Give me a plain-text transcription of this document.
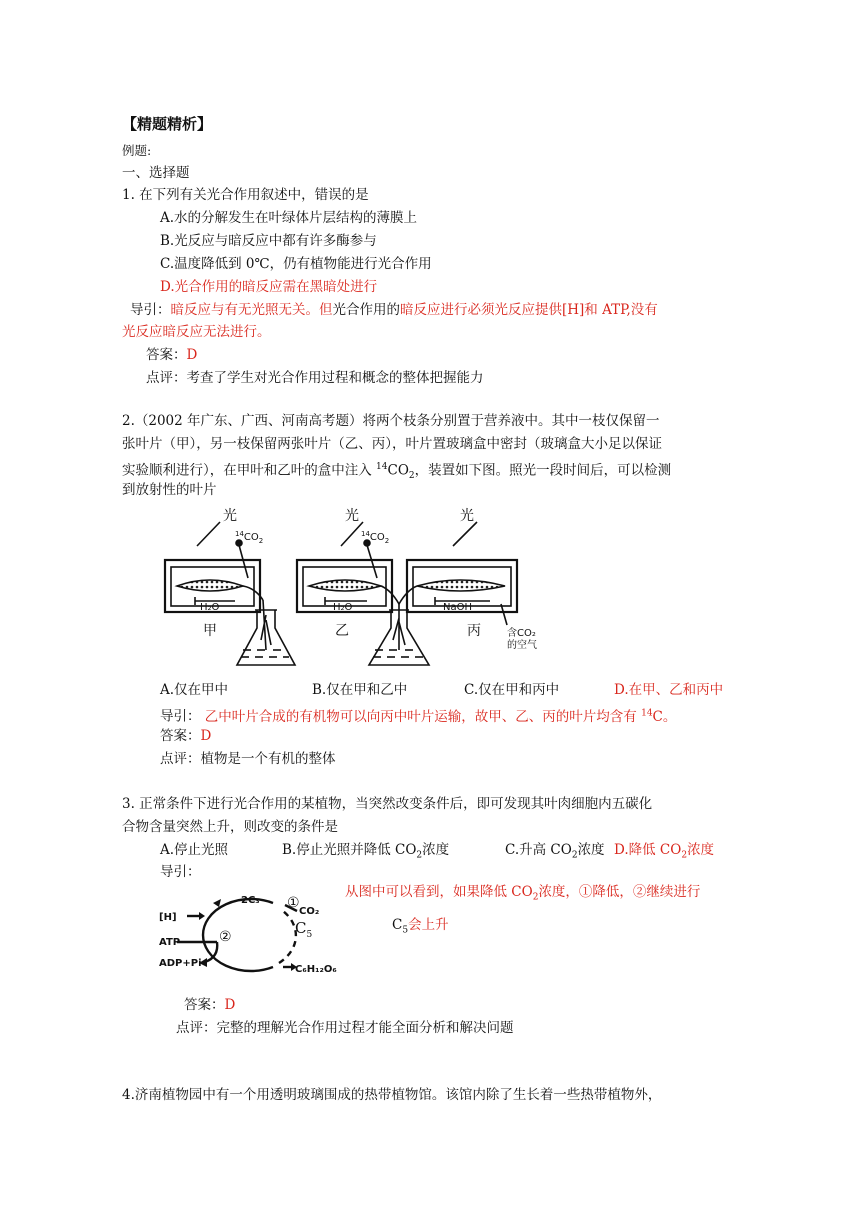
【精题精析】
例题:
一、选择题
1. 在下列有关光合作用叙述中，错误的是
A.水的分解发生在叶绿体片层结构的薄膜上
B.光反应与暗反应中都有许多酶参与
C.温度降低到 0℃，仍有植物能进行光合作用
D.光合作用的暗反应需在黑暗处进行
导引：暗反应与有无光照无关。但光合作用的暗反应进行必须光反应提供[H]和 ATP,没有
光反应暗反应无法进行。
答案：D
点评：考查了学生对光合作用过程和概念的整体把握能力
2.（2002 年广东、广西、河南高考题）将两个枝条分别置于营养液中。其中一枝仅保留一
张叶片（甲），另一枝保留两张叶片（乙、丙），叶片置玻璃盒中密封（玻璃盒大小足以保证
实验顺利进行），在甲叶和乙叶的盒中注入 $^{14}CO_2$，装置如下图。照光一段时间后，可以检测
到放射性的叶片
光	光	光
甲	乙	丙
$^{14}CO_2$
$^{14}CO_2$
H₂O	H₂O	NaOH
含CO₂
的空气
A.仅在甲中	B.仅在甲和乙中	C.仅在甲和丙中	D.在甲、乙和丙中
导引： 乙中叶片合成的有机物可以向丙中叶片运输，故甲、乙、丙的叶片均含有 $^{14}$C。
答案：D
点评：植物是一个有机的整体
3. 正常条件下进行光合作用的某植物，当突然改变条件后，即可发现其叶肉细胞内五碳化
合物含量突然上升，则改变的条件是
A.停止光照	B.停止光照并降低 $CO_2$浓度	C.升高 $CO_2$浓度 D.降低 $CO_2$浓度
导引：
[H]
ATP
ADP+Pi
2C₃
CO₂
C₆H₁₂O₆
①
②	$C_5$
从图中可以看到，如果降低 $CO_2$浓度，①降低，②继续进行
$C_5$会上升
答案：D
点评：完整的理解光合作用过程才能全面分析和解决问题
4.济南植物园中有一个用透明玻璃围成的热带植物馆。该馆内除了生长着一些热带植物外，
